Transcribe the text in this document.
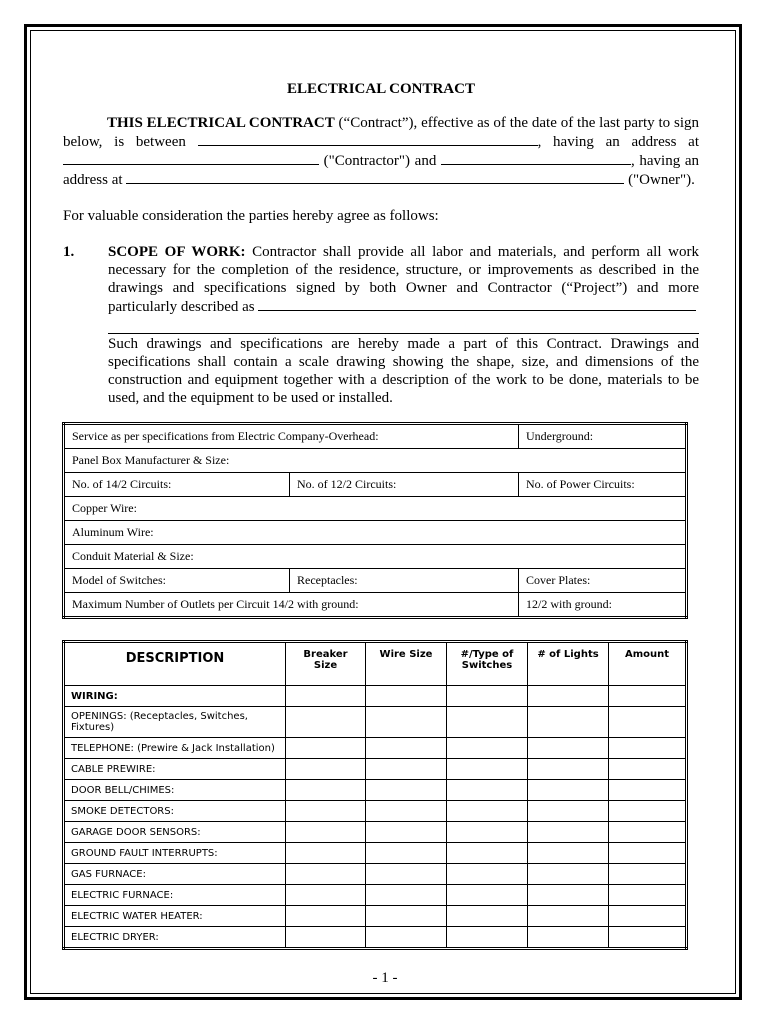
ELECTRICAL CONTRACT

THIS ELECTRICAL CONTRACT (“Contract”), effective as of the date of the last party to sign below, is between	, having an address at  ("Contractor") and	, having an address at	("Owner").

For valuable consideration the parties hereby agree as follows:

1. SCOPE OF WORK: Contractor shall provide all labor and materials, and perform all work necessary for the completion of the residence, structure, or improvements as described in the drawings and specifications signed by both Owner and Contractor (“Project”) and more particularly described as

Such drawings and specifications are hereby made a part of this Contract. Drawings and specifications shall contain a scale drawing showing the shape, size, and dimensions of the construction and equipment together with a description of the work to be done, materials to be used, and the equipment to be used or installed.

Service as per specifications from Electric Company-Overhead:		Underground:
Panel Box Manufacturer & Size:		
No. of 14/2 Circuits:	No. of 12/2 Circuits:	No. of Power Circuits:
Copper Wire:		
Aluminum Wire:		
Conduit Material & Size:		
Model of Switches:	Receptacles:	Cover Plates:
Maximum Number of Outlets per Circuit 14/2 with ground:		12/2 with ground:
DESCRIPTION	Breaker Size	Wire Size	#/Type of Switches	# of Lights	Amount
WIRING:					
OPENINGS: (Receptacles, Switches, Fixtures)					
TELEPHONE: (Prewire & Jack Installation)					
CABLE PREWIRE:					
DOOR BELL/CHIMES:					
SMOKE DETECTORS:					
GARAGE DOOR SENSORS:					
GROUND FAULT INTERRUPTS:					
GAS FURNACE:					
ELECTRIC FURNACE:					
ELECTRIC WATER HEATER:					
ELECTRIC DRYER:					
- 1 -
